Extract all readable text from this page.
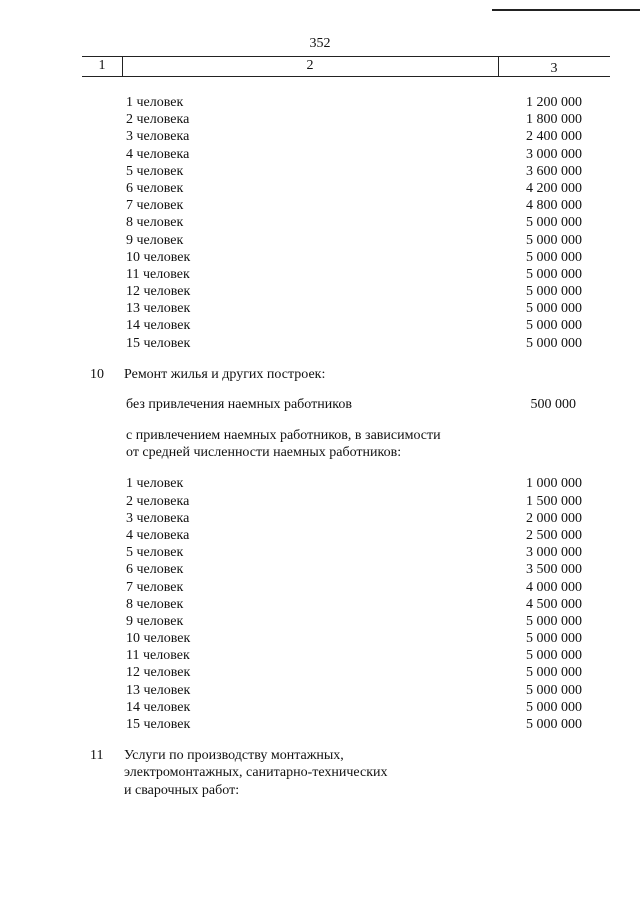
352
1	2	3
1 человек	1 200 000
2 человека	1 800 000
3 человека	2 400 000
4 человека	3 000 000
5 человек	3 600 000
6 человек	4 200 000
7 человек	4 800 000
8 человек	5 000 000
9 человек	5 000 000
10 человек	5 000 000
11 человек	5 000 000
12 человек	5 000 000
13 человек	5 000 000
14 человек	5 000 000
15 человек	5 000 000
10 Ремонт жилья и других построек:
без привлечения наемных работников	500 000
с привлечением наемных работников, в зависимости
от средней численности наемных работников:
1 человек	1 000 000
2 человека	1 500 000
3 человека	2 000 000
4 человека	2 500 000
5 человек	3 000 000
6 человек	3 500 000
7 человек	4 000 000
8 человек	4 500 000
9 человек	5 000 000
10 человек	5 000 000
11 человек	5 000 000
12 человек	5 000 000
13 человек	5 000 000
14 человек	5 000 000
15 человек	5 000 000
11 Услуги по производству монтажных,
электромонтажных, санитарно-технических
и сварочных работ:
